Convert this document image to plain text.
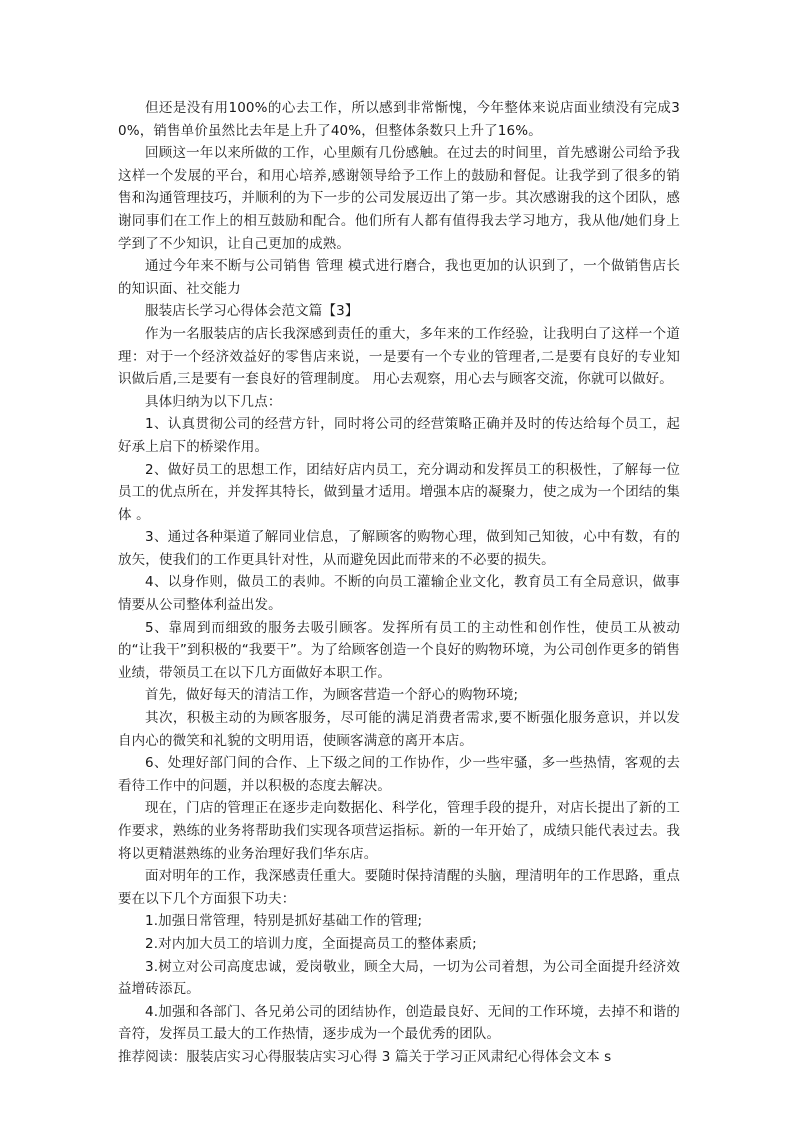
但还是没有用100%的心去工作，所以感到非常惭愧，今年整体来说店面业绩没有完成30%，销售单价虽然比去年是上升了40%，但整体条数只上升了16%。

回顾这一年以来所做的工作，心里颇有几份感触。在过去的时间里，首先感谢公司给予我这样一个发展的平台，和用心培养,感谢领导给予工作上的鼓励和督促。让我学到了很多的销售和沟通管理技巧，并顺利的为下一步的公司发展迈出了第一步。其次感谢我的这个团队，感谢同事们在工作上的相互鼓励和配合。他们所有人都有值得我去学习地方，我从他/她们身上学到了不少知识，让自己更加的成熟。

通过今年来不断与公司销售 管理 模式进行磨合，我也更加的认识到了，一个做销售店长的知识面、社交能力

服装店长学习心得体会范文篇【3】

作为一名服装店的店长我深感到责任的重大，多年来的工作经验，让我明白了这样一个道理：对于一个经济效益好的零售店来说，一是要有一个专业的管理者,二是要有良好的专业知识做后盾,三是要有一套良好的管理制度。 用心去观察，用心去与顾客交流，你就可以做好。

具体归纳为以下几点：

1、认真贯彻公司的经营方针，同时将公司的经营策略正确并及时的传达给每个员工，起好承上启下的桥梁作用。

2、做好员工的思想工作，团结好店内员工，充分调动和发挥员工的积极性，了解每一位员工的优点所在，并发挥其特长，做到量才适用。增强本店的凝聚力，使之成为一个团结的集体 。

3、通过各种渠道了解同业信息，了解顾客的购物心理，做到知己知彼，心中有数，有的放矢，使我们的工作更具针对性，从而避免因此而带来的不必要的损失。

4、以身作则，做员工的表帅。不断的向员工灌输企业文化，教育员工有全局意识，做事情要从公司整体利益出发。

5、靠周到而细致的服务去吸引顾客。发挥所有员工的主动性和创作性，使员工从被动的“让我干”到积极的“我要干”。为了给顾客创造一个良好的购物环境，为公司创作更多的销售业绩，带领员工在以下几方面做好本职工作。

首先，做好每天的清洁工作，为顾客营造一个舒心的购物环境;

其次，积极主动的为顾客服务，尽可能的满足消费者需求,要不断强化服务意识，并以发自内心的微笑和礼貌的文明用语，使顾客满意的离开本店。

6、处理好部门间的合作、上下级之间的工作协作，少一些牢骚，多一些热情，客观的去看待工作中的问题，并以积极的态度去解决。

现在，门店的管理正在逐步走向数据化、科学化，管理手段的提升，对店长提出了新的工作要求，熟练的业务将帮助我们实现各项营运指标。新的一年开始了，成绩只能代表过去。我将以更精湛熟练的业务治理好我们华东店。

面对明年的工作，我深感责任重大。要随时保持清醒的头脑，理清明年的工作思路，重点要在以下几个方面狠下功夫：

1.加强日常管理，特别是抓好基础工作的管理;

2.对内加大员工的培训力度，全面提高员工的整体素质;

3.树立对公司高度忠诚，爱岗敬业，顾全大局，一切为公司着想，为公司全面提升经济效益增砖添瓦。

4.加强和各部门、各兄弟公司的团结协作，创造最良好、无间的工作环境，去掉不和谐的音符，发挥员工最大的工作热情，逐步成为一个最优秀的团队。

推荐阅读：服装店实习心得服装店实习心得 3 篇关于学习正风肃纪心得体会文本 s
